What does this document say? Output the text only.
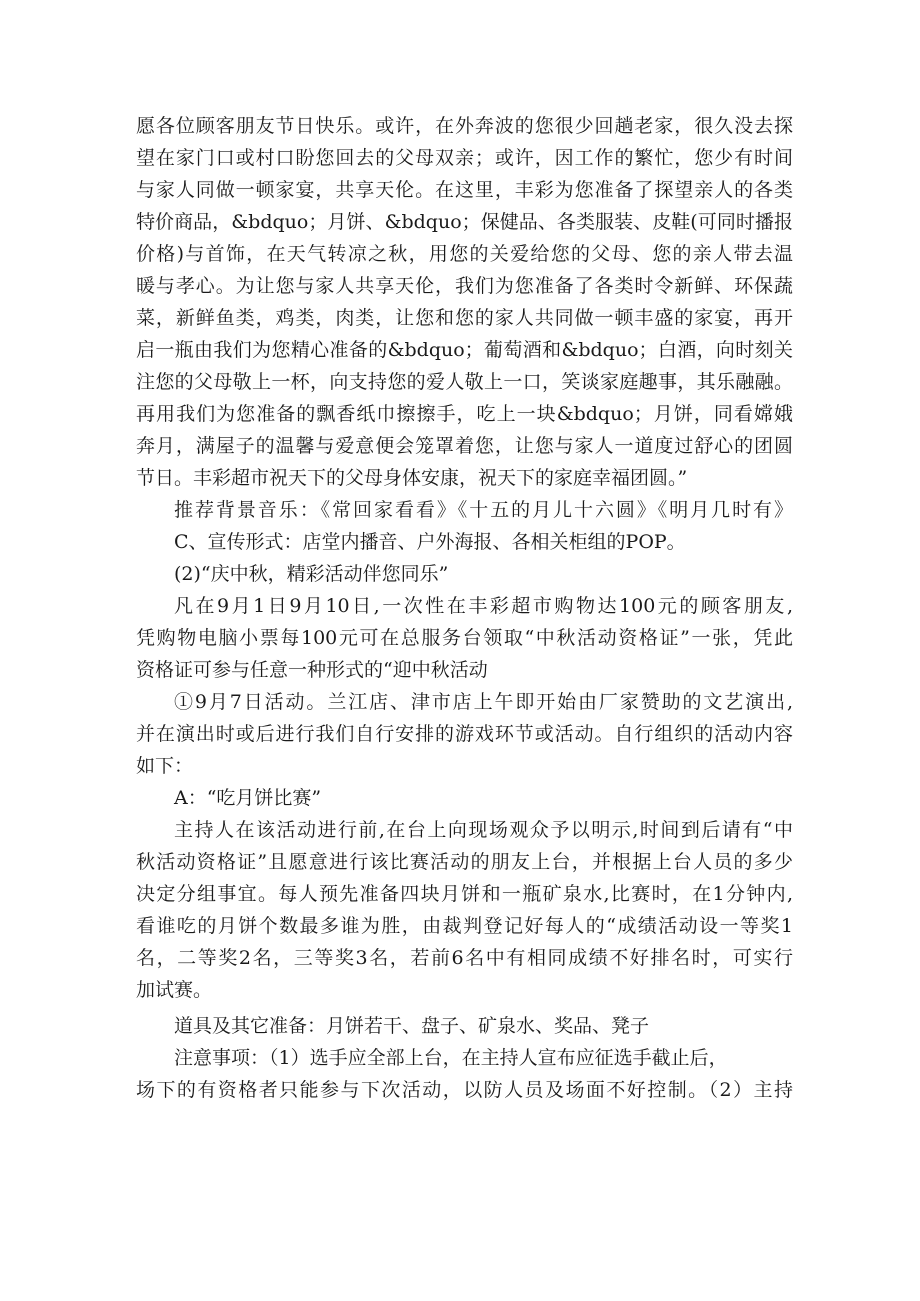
愿各位顾客朋友节日快乐。或许，在外奔波的您很少回趟老家，很久没去探
望在家门口或村口盼您回去的父母双亲；或许，因工作的繁忙，您少有时间
与家人同做一顿家宴，共享天伦。在这里，丰彩为您准备了探望亲人的各类
特价商品，&bdquo；月饼、&bdquo；保健品、各类服装、皮鞋(可同时播报
价格)与首饰，在天气转凉之秋，用您的关爱给您的父母、您的亲人带去温
暖与孝心。为让您与家人共享天伦，我们为您准备了各类时令新鲜、环保蔬
菜，新鲜鱼类，鸡类，肉类，让您和您的家人共同做一顿丰盛的家宴，再开
启一瓶由我们为您精心准备的&bdquo；葡萄酒和&bdquo；白酒，向时刻关
注您的父母敬上一杯，向支持您的爱人敬上一口，笑谈家庭趣事，其乐融融。
再用我们为您准备的飘香纸巾擦擦手，吃上一块&bdquo；月饼，同看嫦娥
奔月，满屋子的温馨与爱意便会笼罩着您，让您与家人一道度过舒心的团圆
节日。丰彩超市祝天下的父母身体安康，祝天下的家庭幸福团圆。”
推荐背景音乐：《常回家看看》《十五的月儿十六圆》《明月几时有》
C、宣传形式：店堂内播音、户外海报、各相关柜组的POP。
(2)“庆中秋，精彩活动伴您同乐”
凡在9月1日9月10日,一次性在丰彩超市购物达100元的顾客朋友,
凭购物电脑小票每100元可在总服务台领取“中秋活动资格证”一张，凭此
资格证可参与任意一种形式的“迎中秋活动
①9月7日活动。兰江店、津市店上午即开始由厂家赞助的文艺演出,
并在演出时或后进行我们自行安排的游戏环节或活动。自行组织的活动内容
如下：
A：“吃月饼比赛”
主持人在该活动进行前,在台上向现场观众予以明示,时间到后请有“中
秋活动资格证”且愿意进行该比赛活动的朋友上台，并根据上台人员的多少
决定分组事宜。每人预先准备四块月饼和一瓶矿泉水,比赛时，在1分钟内,
看谁吃的月饼个数最多谁为胜，由裁判登记好每人的“成绩活动设一等奖1
名，二等奖2名，三等奖3名，若前6名中有相同成绩不好排名时，可实行
加试赛。
道具及其它准备：月饼若干、盘子、矿泉水、奖品、凳子
注意事项：（1）选手应全部上台，在主持人宣布应征选手截止后，
场下的有资格者只能参与下次活动，以防人员及场面不好控制。（2）主持
